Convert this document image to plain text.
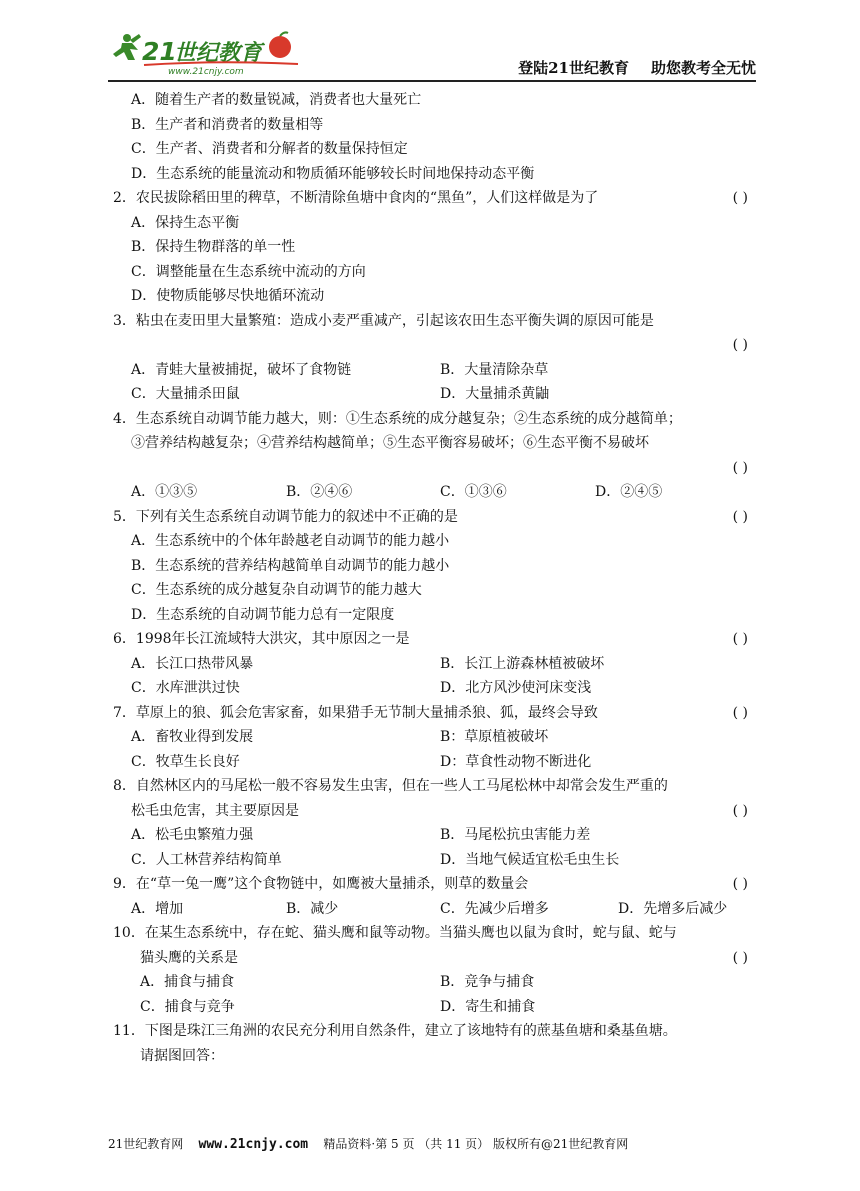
21
世纪教育
www.21cnjy.com	登陆21世纪教育 助您教考全无忧
A．随着生产者的数量锐减，消费者也大量死亡
B．生产者和消费者的数量相等
C．生产者、消费者和分解者的数量保持恒定
D．生态系统的能量流动和物质循环能够较长时间地保持动态平衡
2．农民拔除稻田里的稗草，不断清除鱼塘中食肉的“黑鱼”，人们这样做是为了	( )
A．保持生态平衡
B．保持生物群落的单一性
C．调整能量在生态系统中流动的方向
D．使物质能够尽快地循环流动
3．粘虫在麦田里大量繁殖：造成小麦严重减产，引起该农田生态平衡失调的原因可能是
( )
A．青蛙大量被捕捉，破坏了食物链	B．大量清除杂草
C．大量捕杀田鼠	D．大量捕杀黄鼬
4．生态系统自动调节能力越大，则：①生态系统的成分越复杂；②生态系统的成分越简单；
③营养结构越复杂；④营养结构越简单；⑤生态平衡容易破坏；⑥生态平衡不易破坏
( )
A．①③⑤	B．②④⑥	C．①③⑥	D．②④⑤
5．下列有关生态系统自动调节能力的叙述中不正确的是	( )
A．生态系统中的个体年龄越老自动调节的能力越小
B．生态系统的营养结构越简单自动调节的能力越小
C．生态系统的成分越复杂自动调节的能力越大
D．生态系统的自动调节能力总有一定限度
6．1998年长江流域特大洪灾，其中原因之一是	( )
A．长江口热带风暴	B．长江上游森林植被破坏
C．水库泄洪过快	D．北方风沙使河床变浅
7．草原上的狼、狐会危害家畜，如果猎手无节制大量捕杀狼、狐，最终会导致	( )
A．畜牧业得到发展	B：草原植被破坏
C．牧草生长良好	D：草食性动物不断进化
8．自然林区内的马尾松一般不容易发生虫害，但在一些人工马尾松林中却常会发生严重的
松毛虫危害，其主要原因是	( )
A．松毛虫繁殖力强	B．马尾松抗虫害能力差
C．人工林营养结构简单	D．当地气候适宜松毛虫生长
9．在“草一兔一鹰”这个食物链中，如鹰被大量捕杀，则草的数量会	( )
A．增加	B．减少	C．先减少后增多	D．先增多后减少
10．在某生态系统中，存在蛇、猫头鹰和鼠等动物。当猫头鹰也以鼠为食时，蛇与鼠、蛇与
猫头鹰的关系是	( )
A．捕食与捕食	B．竞争与捕食
C．捕食与竞争	D．寄生和捕食
11．下图是珠江三角洲的农民充分利用自然条件，建立了该地特有的蔗基鱼塘和桑基鱼塘。
请据图回答：
21世纪教育网 www.21cnjy.com 精品资料·第 5 页 （共 11 页） 版权所有@21世纪教育网
